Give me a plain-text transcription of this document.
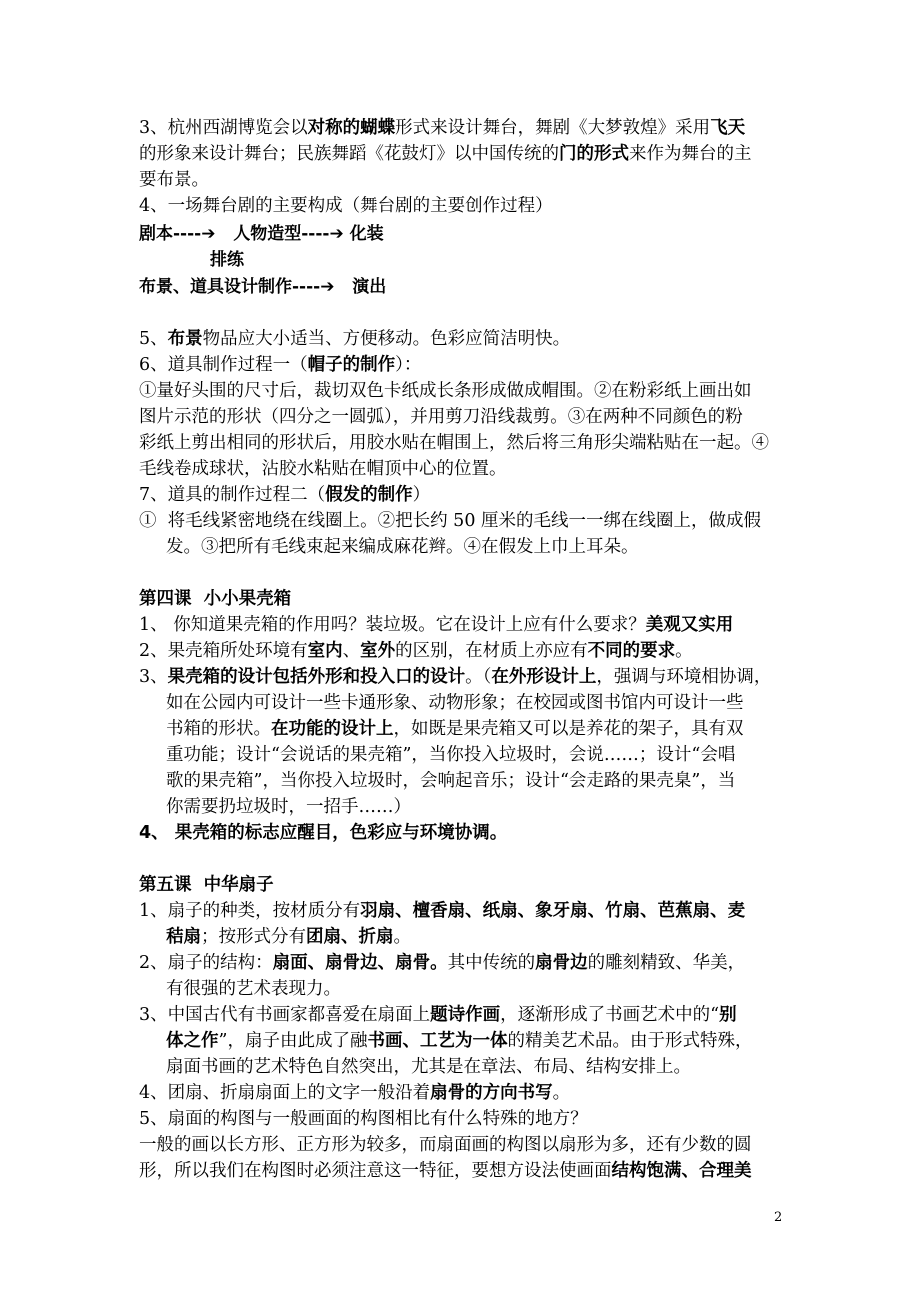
3、杭州西湖博览会以对称的蝴蝶形式来设计舞台，舞剧《大梦敦煌》采用飞天
的形象来设计舞台；民族舞蹈《花鼓灯》以中国传统的门的形式来作为舞台的主
要布景。
4、一场舞台剧的主要构成（舞台剧的主要创作过程）
剧本----➔   人物造型----➔ 化装
排练
布景、道具设计制作----➔   演出
5、布景物品应大小适当、方便移动。色彩应简洁明快。
6、道具制作过程一（帽子的制作）：
①量好头围的尺寸后，裁切双色卡纸成长条形成做成帽围。②在粉彩纸上画出如
图片示范的形状（四分之一圆弧），并用剪刀沿线裁剪。③在两种不同颜色的粉
彩纸上剪出相同的形状后，用胶水贴在帽围上，然后将三角形尖端粘贴在一起。④
毛线卷成球状，沾胶水粘贴在帽顶中心的位置。
7、道具的制作过程二（假发的制作）
①  将毛线紧密地绕在线圈上。②把长约 50 厘米的毛线一一绑在线圈上，做成假
发。③把所有毛线束起来编成麻花辫。④在假发上巾上耳朵。
第四课  小小果壳箱
1、 你知道果壳箱的作用吗？装垃圾。它在设计上应有什么要求？美观又实用
2、果壳箱所处环境有室内、室外的区别，在材质上亦应有不同的要求。
3、果壳箱的设计包括外形和投入口的设计。（在外形设计上，强调与环境相协调，
如在公园内可设计一些卡通形象、动物形象；在校园或图书馆内可设计一些
书箱的形状。在功能的设计上，如既是果壳箱又可以是养花的架子，具有双
重功能；设计“会说话的果壳箱”，当你投入垃圾时，会说……；设计“会唱
歌的果壳箱”，当你投入垃圾时，会响起音乐；设计“会走路的果壳臬”，当
你需要扔垃圾时，一招手……）
4、 果壳箱的标志应醒目，色彩应与环境协调。
第五课  中华扇子
1、扇子的种类，按材质分有羽扇、檀香扇、纸扇、象牙扇、竹扇、芭蕉扇、麦
秸扇；按形式分有团扇、折扇。
2、扇子的结构：扇面、扇骨边、扇骨。其中传统的扇骨边的雕刻精致、华美，
有很强的艺术表现力。
3、中国古代有书画家都喜爱在扇面上题诗作画，逐渐形成了书画艺术中的“别
体之作”，扇子由此成了融书画、工艺为一体的精美艺术品。由于形式特殊，
扇面书画的艺术特色自然突出，尤其是在章法、布局、结构安排上。
4、团扇、折扇扇面上的文字一般沿着扇骨的方向书写。
5、扇面的构图与一般画面的构图相比有什么特殊的地方？
一般的画以长方形、正方形为较多，而扇面画的构图以扇形为多，还有少数的圆
形，所以我们在构图时必须注意这一特征，要想方设法使画面结构饱满、合理美
2
